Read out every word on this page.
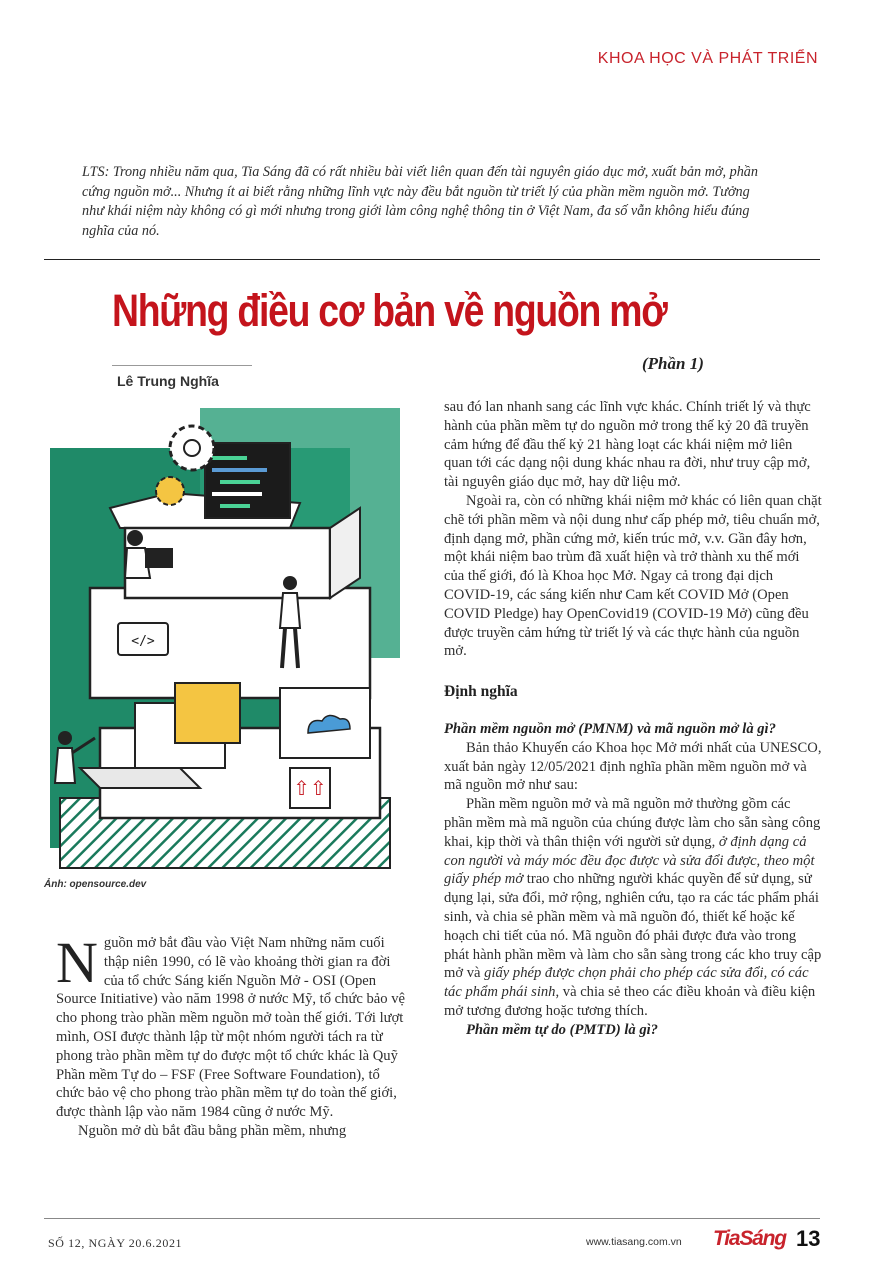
KHOA HỌC VÀ PHÁT TRIỂN

LTS: Trong nhiều năm qua, Tia Sáng đã có rất nhiều bài viết liên quan đến tài nguyên giáo dục mở, xuất bản mở, phần cứng nguồn mở... Nhưng ít ai biết rằng những lĩnh vực này đều bắt nguồn từ triết lý của phần mềm nguồn mở. Tưởng như khái niệm này không có gì mới nhưng trong giới làm công nghệ thông tin ở Việt Nam, đa số vẫn không hiểu đúng nghĩa của nó.

Những điều cơ bản về nguồn mở
(Phần 1)
Lê Trung Nghĩa
⇧⇧
</>
Ảnh: opensource.dev

Nguồn mở bắt đầu vào Việt Nam những năm cuối thập niên 1990, có lẽ vào khoảng thời gian ra đời của tổ chức Sáng kiến Nguồn Mở - OSI (Open Source Initiative) vào năm 1998 ở nước Mỹ, tổ chức bảo vệ cho phong trào phần mềm nguồn mở toàn thế giới. Tới lượt mình, OSI được thành lập từ một nhóm người tách ra từ phong trào phần mềm tự do được một tổ chức khác là Quỹ Phần mềm Tự do – FSF (Free Software Foundation), tổ chức bảo vệ cho phong trào phần mềm tự do toàn thế giới, được thành lập vào năm 1984 cũng ở nước Mỹ.

Nguồn mở dù bắt đầu bằng phần mềm, nhưng

sau đó lan nhanh sang các lĩnh vực khác. Chính triết lý và thực hành của phần mềm tự do nguồn mở trong thế kỷ 20 đã truyền cảm hứng để đầu thế kỷ 21 hàng loạt các khái niệm mở liên quan tới các dạng nội dung khác nhau ra đời, như truy cập mở, tài nguyên giáo dục mở, hay dữ liệu mở.

Ngoài ra, còn có những khái niệm mở khác có liên quan chặt chẽ tới phần mềm và nội dung như cấp phép mở, tiêu chuẩn mở, định dạng mở, phần cứng mở, kiến trúc mở, v.v. Gần đây hơn, một khái niệm bao trùm đã xuất hiện và trở thành xu thế mới của thế giới, đó là Khoa học Mở. Ngay cả trong đại dịch COVID-19, các sáng kiến như Cam kết COVID Mở (Open COVID Pledge) hay OpenCovid19 (COVID-19 Mở) cũng đều được truyền cảm hứng từ triết lý và các thực hành của nguồn mở.

Định nghĩa

Phần mềm nguồn mở (PMNM) và mã nguồn mở là gì?

Bản thảo Khuyến cáo Khoa học Mở mới nhất của UNESCO, xuất bản ngày 12/05/2021 định nghĩa phần mềm nguồn mở và mã nguồn mở như sau:

Phần mềm nguồn mở và mã nguồn mở thường gồm các phần mềm mà mã nguồn của chúng được làm cho sẵn sàng công khai, kịp thời và thân thiện với người sử dụng, ở định dạng cả con người và máy móc đều đọc được và sửa đổi được, theo một giấy phép mở trao cho những người khác quyền để sử dụng, sử dụng lại, sửa đổi, mở rộng, nghiên cứu, tạo ra các tác phẩm phái sinh, và chia sẻ phần mềm và mã nguồn đó, thiết kế hoặc kế hoạch chi tiết của nó. Mã nguồn đó phải được đưa vào trong phát hành phần mềm và làm cho sẵn sàng trong các kho truy cập mở và giấy phép được chọn phải cho phép các sửa đổi, có các tác phẩm phái sinh, và chia sẻ theo các điều khoản và điều kiện mở tương đương hoặc tương thích.

Phần mềm tự do (PMTD) là gì?

SỐ 12, NGÀY 20.6.2021	www.tiasang.com.vn TiaSáng 13
